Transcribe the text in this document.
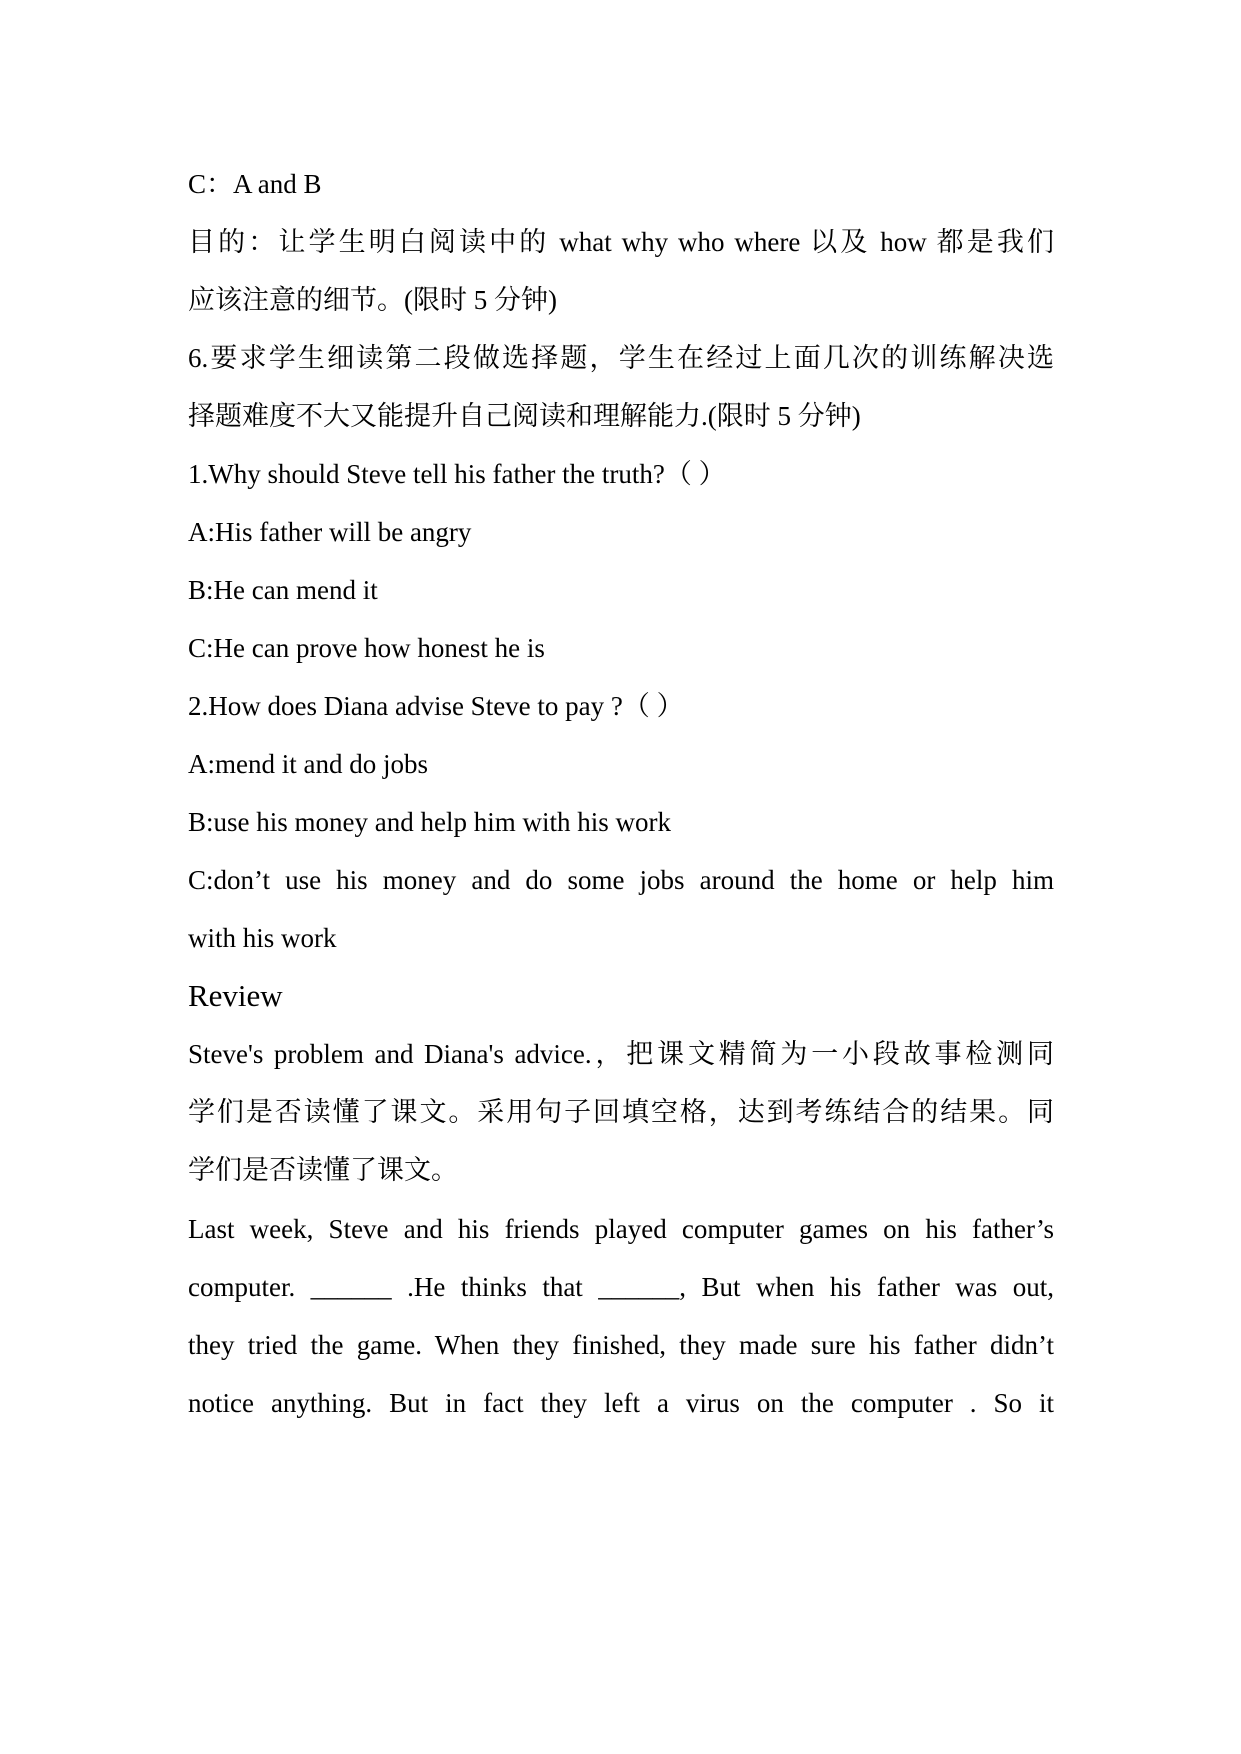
C：A and B
目的：让学生明白阅读中的 what why who where 以及 how 都是我们
应该注意的细节。(限时 5 分钟)
6.要求学生细读第二段做选择题，学生在经过上面几次的训练解决选
择题难度不大又能提升自己阅读和理解能力.(限时 5 分钟)
1.Why should Steve tell his father the truth?（ ）
A:His father will be angry
B:He can mend it
C:He can prove how honest he is
2.How does Diana advise Steve to pay ?（ ）
A:mend it and do jobs
B:use his money and help him with his work
C:don’t use his money and do some jobs around the home or help him
with his work
Review
Steve's problem and Diana's advice.，把课文精简为一小段故事检测同
学们是否读懂了课文。采用句子回填空格，达到考练结合的结果。同
学们是否读懂了课文。
Last week, Steve and his friends played computer games on his father’s
computer. ______ .He thinks that ______, But when his father was out,
they tried the game. When they finished, they made sure his father didn’t
notice anything. But in fact they left a virus on the computer . So it
